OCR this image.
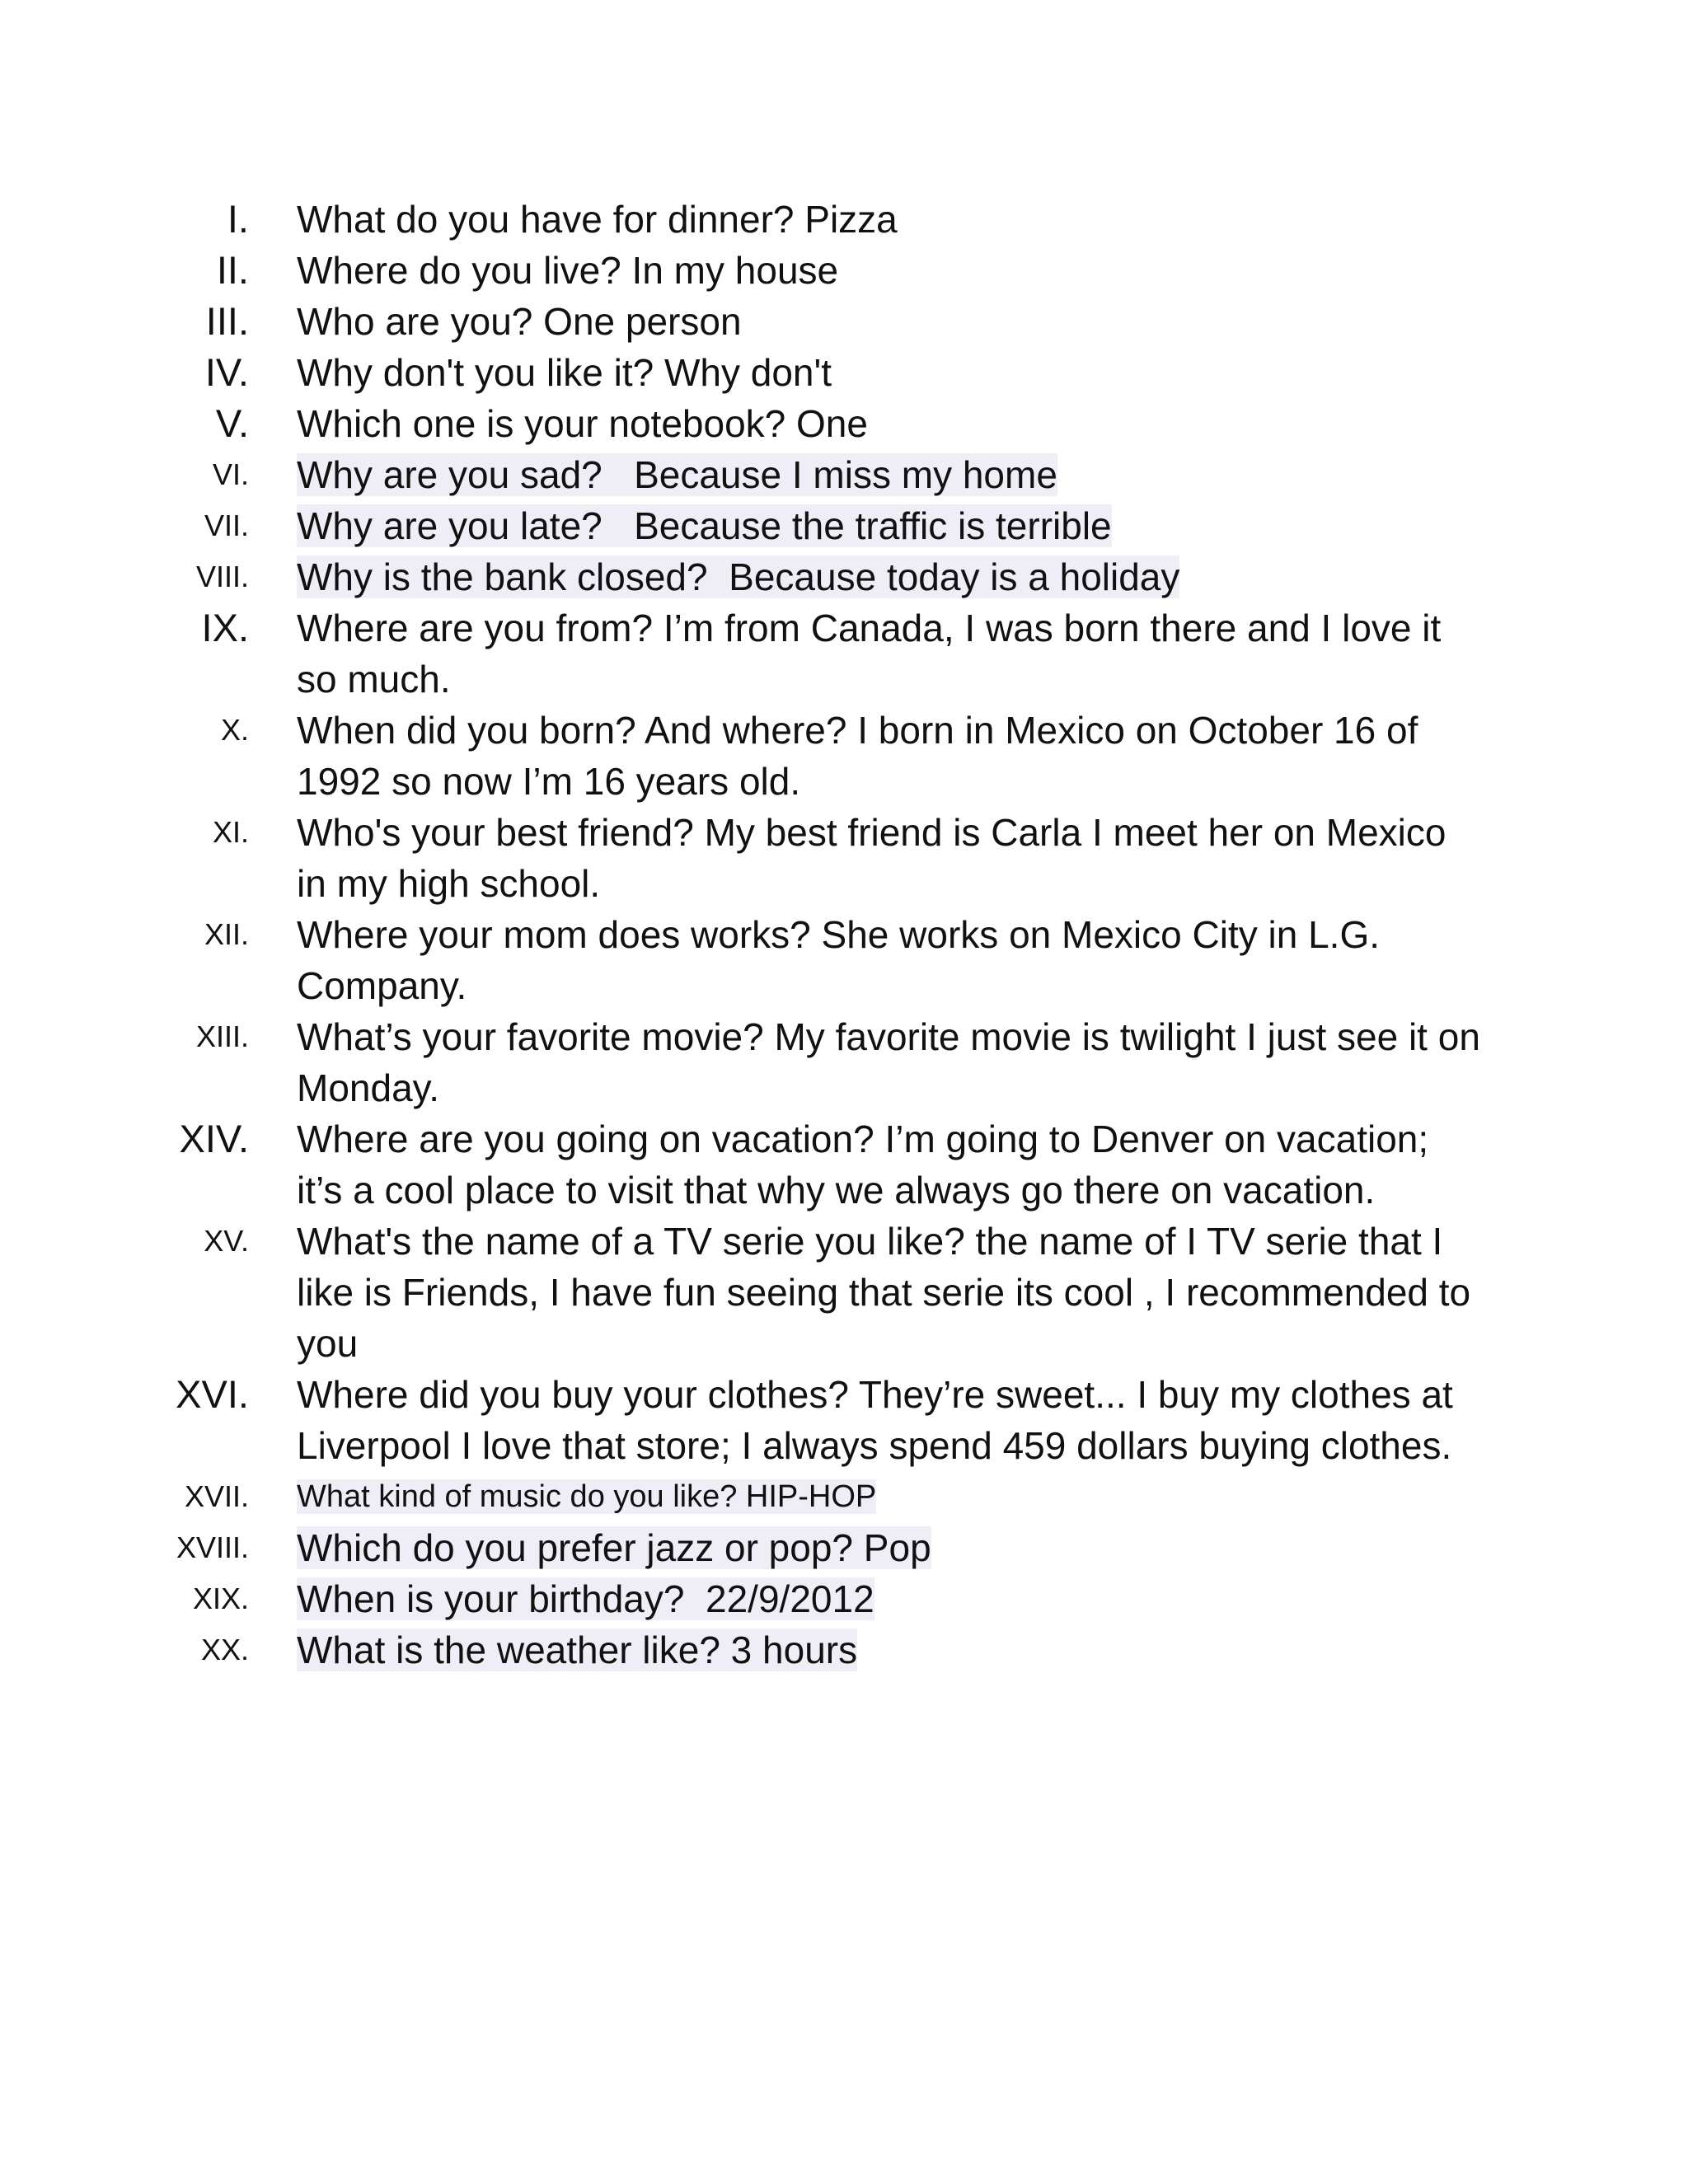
I. What do you have for dinner? Pizza
II. Where do you live? In my house
III. Who are you? One person
IV. Why don't you like it? Why don't
V. Which one is your notebook? One
VI. Why are you sad?   Because I miss my home
VII. Why are you late?   Because the traffic is terrible
VIII. Why is the bank closed?  Because today is a holiday
IX. Where are you from? I’m from Canada, I was born there and I love it so much.
X. When did you born? And where? I born in Mexico on October 16 of 1992 so now I’m 16 years old.
XI. Who's your best friend? My best friend is Carla I meet her on Mexico in my high school.
XII. Where your mom does works? She works on Mexico City in L.G. Company.
XIII. What’s your favorite movie? My favorite movie is twilight I just see it on Monday.
XIV. Where are you going on vacation? I’m going to Denver on vacation; it’s a cool place to visit that why we always go there on vacation.
XV. What's the name of a TV serie you like? the name of I TV serie that I like is Friends, I have fun seeing that serie its cool , I recommended to you
XVI. Where did you buy your clothes? They’re sweet... I buy my clothes at Liverpool I love that store; I always spend 459 dollars buying clothes.
XVII. What kind of music do you like? HIP-HOP
XVIII. Which do you prefer jazz or pop? Pop
XIX. When is your birthday?  22/9/2012
XX. What is the weather like? 3 hours
